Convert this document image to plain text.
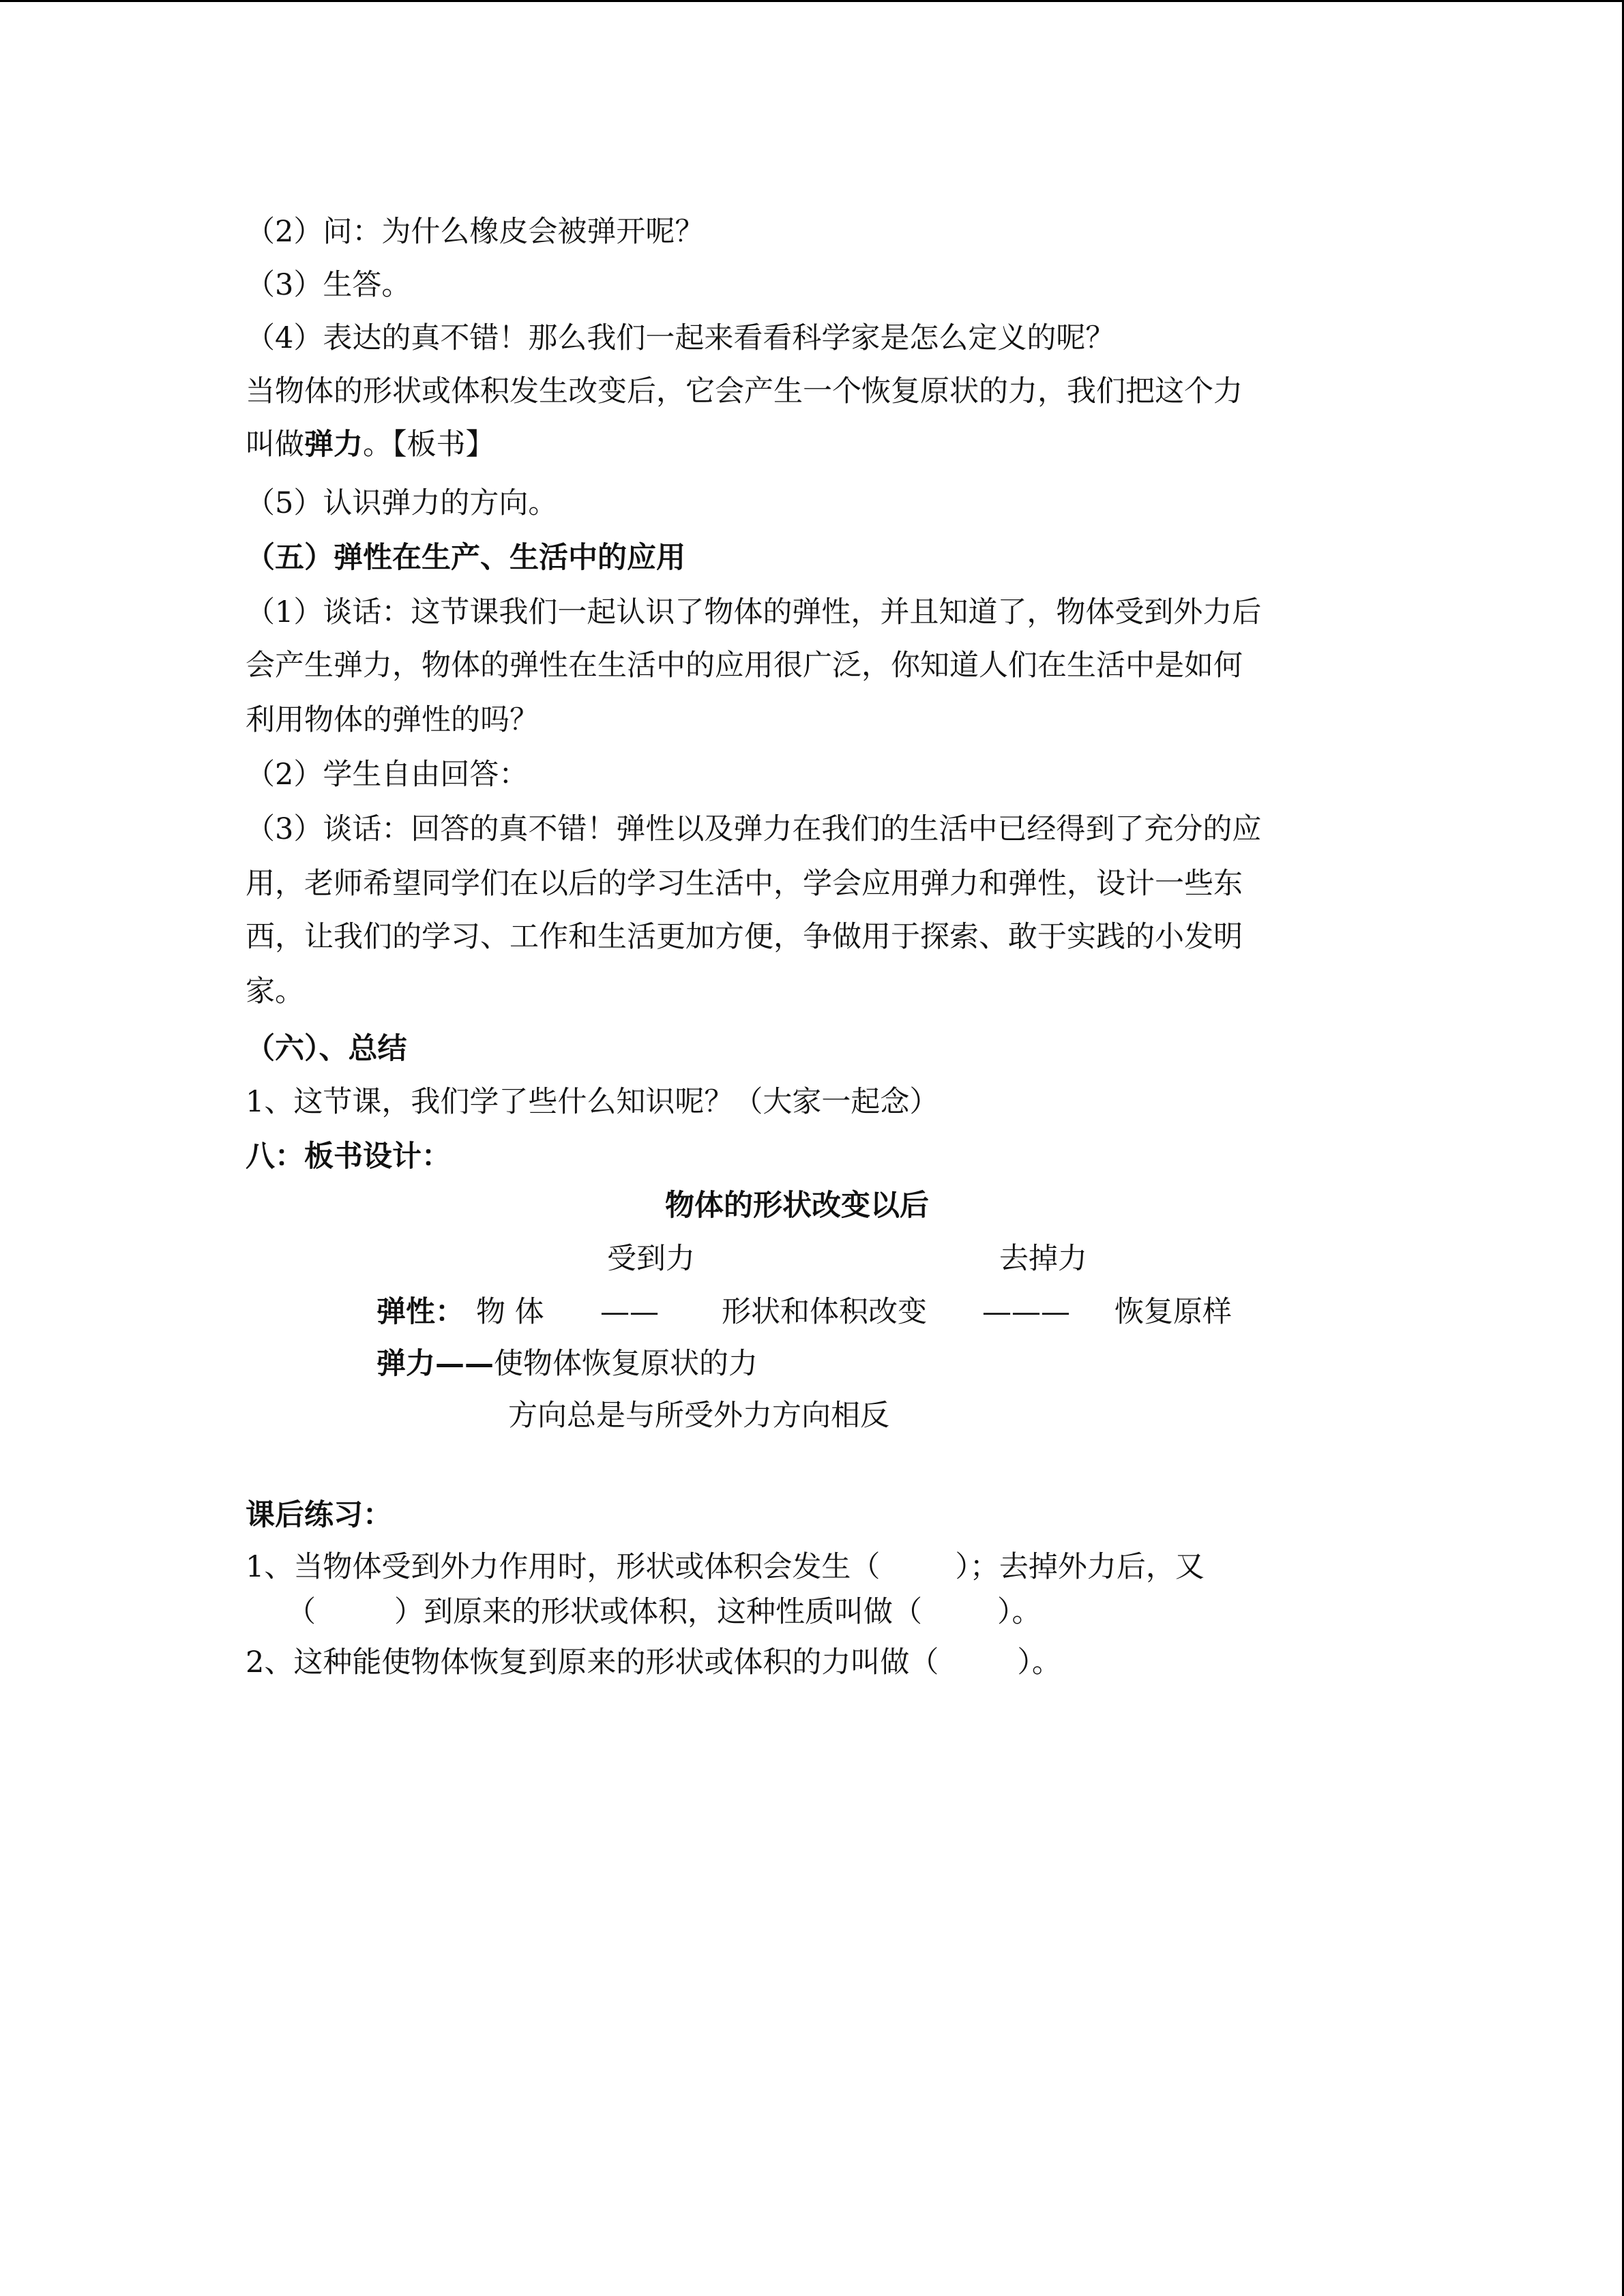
（2）问：为什么橡皮会被弹开呢？
（3）生答。
（4）表达的真不错！那么我们一起来看看科学家是怎么定义的呢？
当物体的形状或体积发生改变后，它会产生一个恢复原状的力，我们把这个力
叫做弹力。【板书】
（5）认识弹力的方向。
（五）弹性在生产、生活中的应用
（1）谈话：这节课我们一起认识了物体的弹性，并且知道了，物体受到外力后
会产生弹力，物体的弹性在生活中的应用很广泛，你知道人们在生活中是如何
利用物体的弹性的吗？
（2）学生自由回答：
（3）谈话：回答的真不错！弹性以及弹力在我们的生活中已经得到了充分的应
用，老师希望同学们在以后的学习生活中，学会应用弹力和弹性，设计一些东
西，让我们的学习、工作和生活更加方便，争做用于探索、敢于实践的小发明
家。
（六）、总结
1、这节课，我们学了些什么知识呢？（大家一起念）
八：板书设计：
物体的形状改变以后
受到力	去掉力
弹性： 物 体 —— 形状和体积改变 ——— 恢复原样
弹力——使物体恢复原状的力
方向总是与所受外力方向相反
课后练习：
1、当物体受到外力作用时，形状或体积会发生（	）；去掉外力后，又
（	）到原来的形状或体积，这种性质叫做（	）。
2、这种能使物体恢复到原来的形状或体积的力叫做（	）。
